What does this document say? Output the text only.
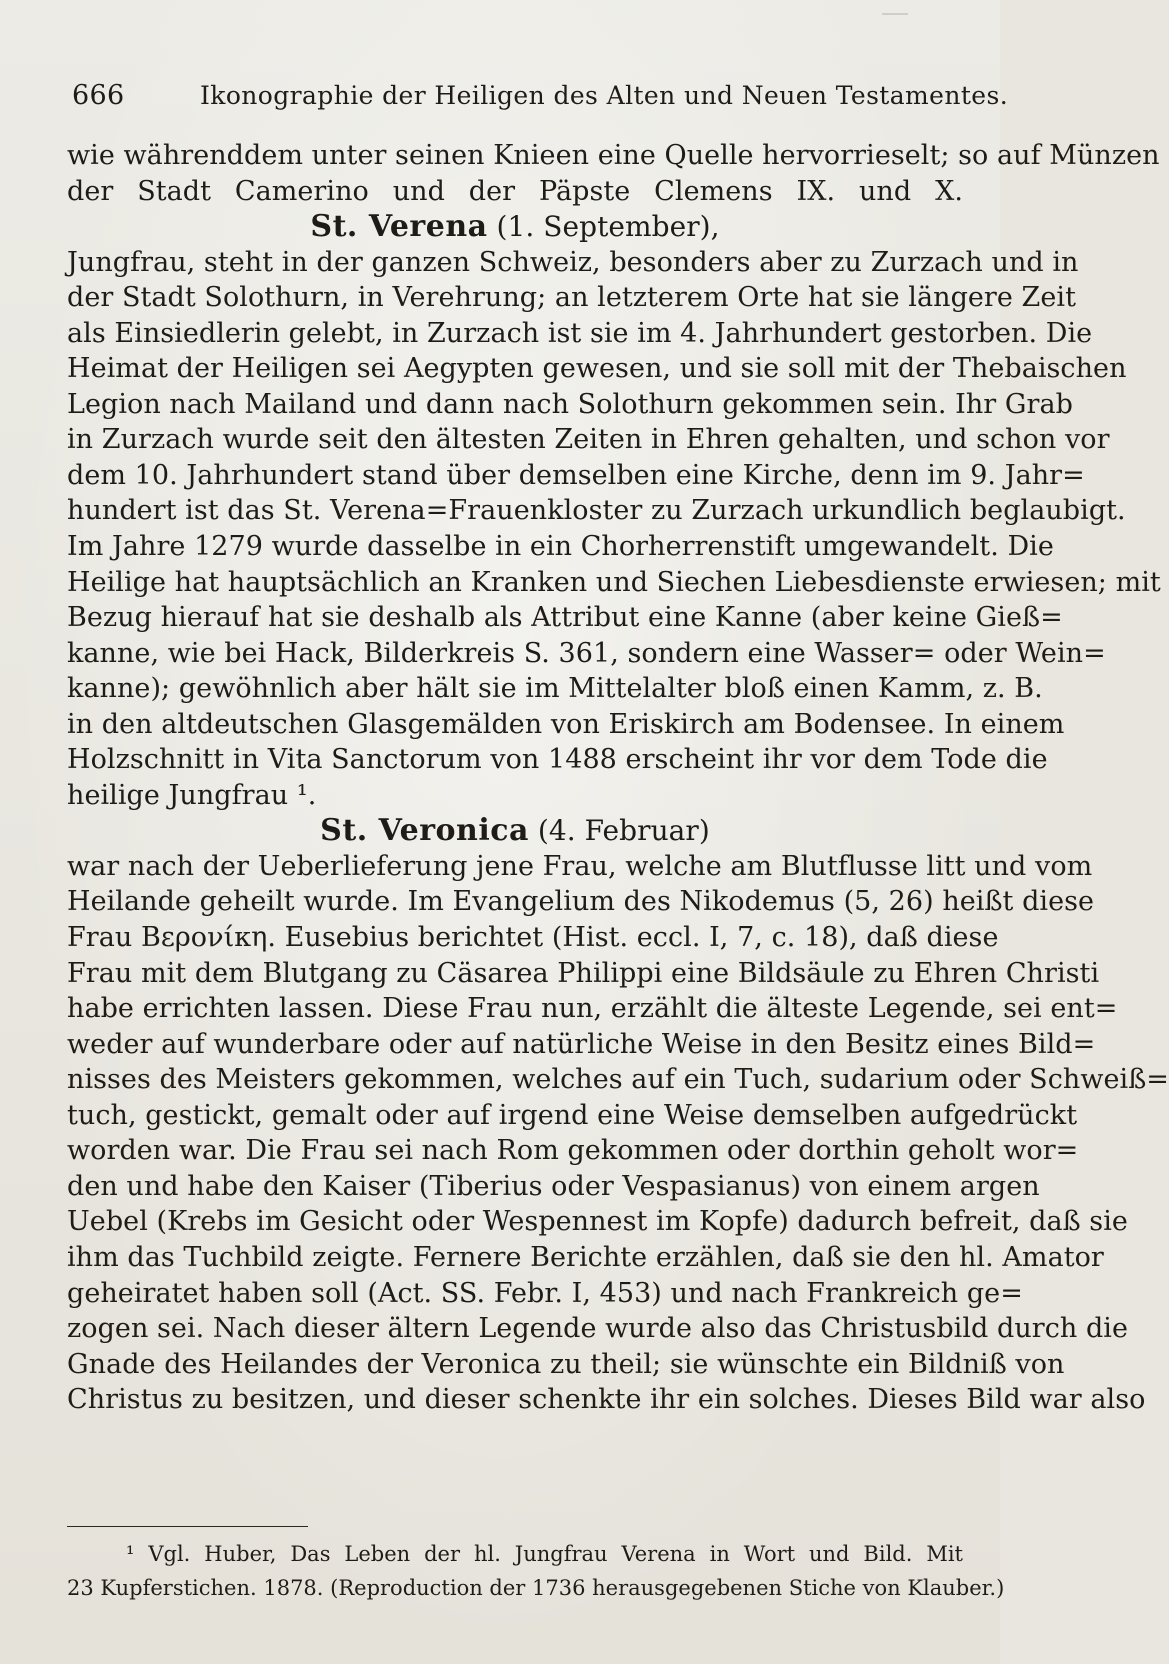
666	Ikonographie der Heiligen des Alten und Neuen Testamentes.
wie währenddem unter seinen Knieen eine Quelle hervorrieselt; so auf Münzen
der Stadt Camerino und der Päpste Clemens IX. und X.
St. Verena (1. September),
Jungfrau, steht in der ganzen Schweiz, besonders aber zu Zurzach und in
der Stadt Solothurn, in Verehrung; an letzterem Orte hat sie längere Zeit
als Einsiedlerin gelebt, in Zurzach ist sie im 4. Jahrhundert gestorben. Die
Heimat der Heiligen sei Aegypten gewesen, und sie soll mit der Thebaischen
Legion nach Mailand und dann nach Solothurn gekommen sein. Ihr Grab
in Zurzach wurde seit den ältesten Zeiten in Ehren gehalten, und schon vor
dem 10. Jahrhundert stand über demselben eine Kirche, denn im 9. Jahr=
hundert ist das St. Verena=Frauenkloster zu Zurzach urkundlich beglaubigt.
Im Jahre 1279 wurde dasselbe in ein Chorherrenstift umgewandelt. Die
Heilige hat hauptsächlich an Kranken und Siechen Liebesdienste erwiesen; mit
Bezug hierauf hat sie deshalb als Attribut eine Kanne (aber keine Gieß=
kanne, wie bei Hack, Bilderkreis S. 361, sondern eine Wasser= oder Wein=
kanne); gewöhnlich aber hält sie im Mittelalter bloß einen Kamm, z. B.
in den altdeutschen Glasgemälden von Eriskirch am Bodensee. In einem
Holzschnitt in Vita Sanctorum von 1488 erscheint ihr vor dem Tode die
heilige Jungfrau ¹.
St. Veronica (4. Februar)
war nach der Ueberlieferung jene Frau, welche am Blutflusse litt und vom
Heilande geheilt wurde. Im Evangelium des Nikodemus (5, 26) heißt diese
Frau Βερονίκη. Eusebius berichtet (Hist. eccl. I, 7, c. 18), daß diese
Frau mit dem Blutgang zu Cäsarea Philippi eine Bildsäule zu Ehren Christi
habe errichten lassen. Diese Frau nun, erzählt die älteste Legende, sei ent=
weder auf wunderbare oder auf natürliche Weise in den Besitz eines Bild=
nisses des Meisters gekommen, welches auf ein Tuch, sudarium oder Schweiß=
tuch, gestickt, gemalt oder auf irgend eine Weise demselben aufgedrückt
worden war. Die Frau sei nach Rom gekommen oder dorthin geholt wor=
den und habe den Kaiser (Tiberius oder Vespasianus) von einem argen
Uebel (Krebs im Gesicht oder Wespennest im Kopfe) dadurch befreit, daß sie
ihm das Tuchbild zeigte. Fernere Berichte erzählen, daß sie den hl. Amator
geheiratet haben soll (Act. SS. Febr. I, 453) und nach Frankreich ge=
zogen sei. Nach dieser ältern Legende wurde also das Christusbild durch die
Gnade des Heilandes der Veronica zu theil; sie wünschte ein Bildniß von
Christus zu besitzen, und dieser schenkte ihr ein solches. Dieses Bild war also
¹ Vgl. Huber, Das Leben der hl. Jungfrau Verena in Wort und Bild. Mit
23 Kupferstichen. 1878. (Reproduction der 1736 herausgegebenen Stiche von Klauber.)
